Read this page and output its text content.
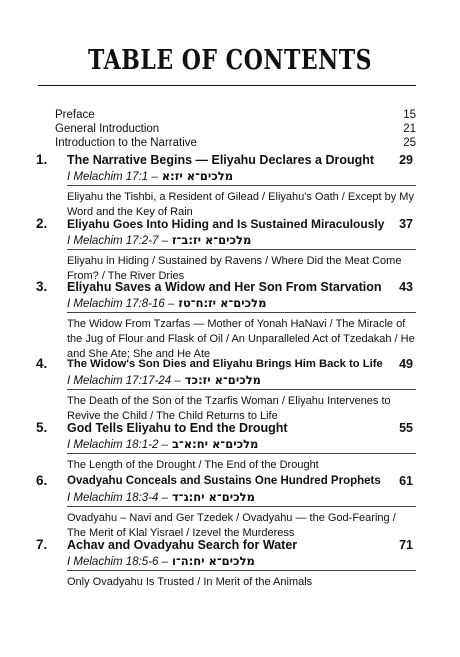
TABLE OF CONTENTS
Preface	15
General Introduction	21
Introduction to the Narrative	25
1. The Narrative Begins — Eliyahu Declares a Drought 29
I Melachim 17:1 – מלכים־א יז:א
Eliyahu the Tishbi, a Resident of Gilead / Eliyahu's Oath / Except by My Word and the Key of Rain
2. Eliyahu Goes Into Hiding and Is Sustained Miraculously 37
I Melachim 17:2-7 – מלכים־א יז:ב־ז
Eliyahu in Hiding / Sustained by Ravens / Where Did the Meat Come From? / The River Dries
3. Eliyahu Saves a Widow and Her Son From Starvation 43
I Melachim 17:8-16 – מלכים־א יז:ח־טז
The Widow From Tzarfas — Mother of Yonah HaNavi / The Miracle of the Jug of Flour and Flask of Oil / An Unparalleled Act of Tzedakah / He and She Ate; She and He Ate
4. The Widow's Son Dies and Eliyahu Brings Him Back to Life 49
I Melachim 17:17-24 – מלכים־א יז:כד
The Death of the Son of the Tzarfis Woman / Eliyahu Intervenes to Revive the Child / The Child Returns to Life
5. God Tells Eliyahu to End the Drought	55
I Melachim 18:1-2 – מלכים־א יח:א־ב
The Length of the Drought / The End of the Drought
6. Ovadyahu Conceals and Sustains One Hundred Prophets 61
I Melachim 18:3-4 – מלכים־א יח:ג־ד
Ovadyahu – Navi and Ger Tzedek / Ovadyahu — the God-Fearing / The Merit of Klal Yisrael / Izevel the Murderess
7. Achav and Ovadyahu Search for Water	71
I Melachim 18:5-6 – מלכים־א יח:ה־ו
Only Ovadyahu Is Trusted / In Merit of the Animals
